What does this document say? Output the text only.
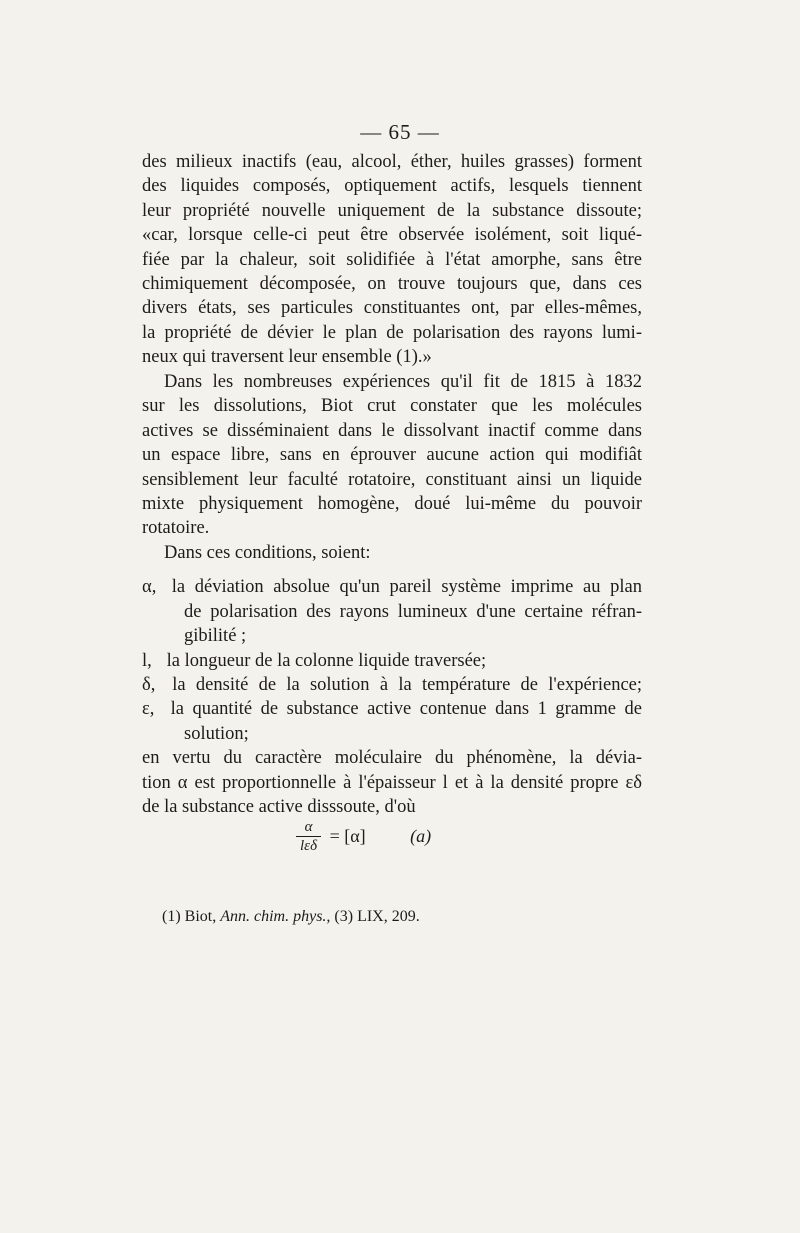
— 65 —
des milieux inactifs (eau, alcool, éther, huiles grasses) forment
des liquides composés, optiquement actifs, lesquels tiennent
leur propriété nouvelle uniquement de la substance dissoute;
«car, lorsque celle-ci peut être observée isolément, soit liqué-
fiée par la chaleur, soit solidifiée à l'état amorphe, sans être
chimiquement décomposée, on trouve toujours que, dans ces
divers états, ses particules constituantes ont, par elles-mêmes,
la propriété de dévier le plan de polarisation des rayons lumi-
neux qui traversent leur ensemble (1).»
Dans les nombreuses expériences qu'il fit de 1815 à 1832
sur les dissolutions, Biot crut constater que les molécules
actives se disséminaient dans le dissolvant inactif comme dans
un espace libre, sans en éprouver aucune action qui modifiât
sensiblement leur faculté rotatoire, constituant ainsi un liquide
mixte physiquement homogène, doué lui-même du pouvoir
rotatoire.
Dans ces conditions, soient:
α, la déviation absolue qu'un pareil système imprime au plan
de polarisation des rayons lumineux d'une certaine réfran-
gibilité ;
l, la longueur de la colonne liquide traversée;
δ, la densité de la solution à la température de l'expérience;
ε, la quantité de substance active contenue dans 1 gramme de
solution;
en vertu du caractère moléculaire du phénomène, la dévia-
tion α est proportionnelle à l'épaisseur l et à la densité propre εδ
de la substance active disssoute, d'où
$\frac{\alpha}{\text{lεδ}} = [\alpha]$ (a)
(1) Biot, Ann. chim. phys., (3) LIX, 209.
